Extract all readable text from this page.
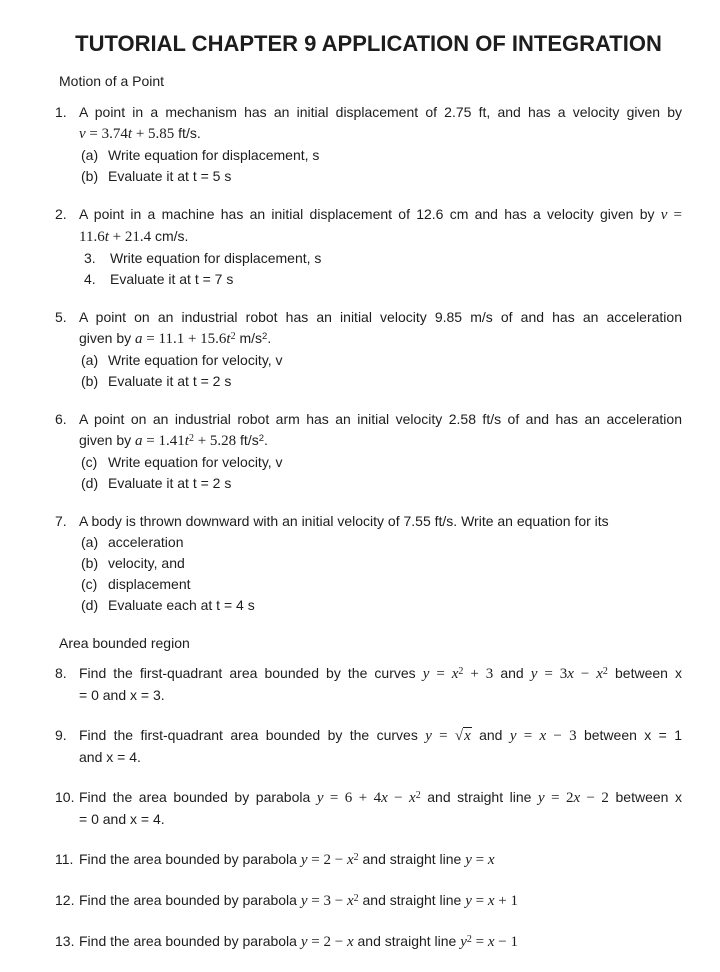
TUTORIAL CHAPTER 9 APPLICATION OF INTEGRATION
Motion of a Point
1. A point in a mechanism has an initial displacement of 2.75 ft, and has a velocity given by
v = 3.74t + 5.85 ft/s.
(a) Write equation for displacement, s
(b) Evaluate it at t = 5 s
2. A point in a machine has an initial displacement of 12.6 cm and has a velocity given by v =
11.6t + 21.4 cm/s.
3. Write equation for displacement, s
4. Evaluate it at t = 7 s
5. A point on an industrial robot has an initial velocity 9.85 m/s of and has an acceleration
given by $a = 11.1 + 15.6t^2$ $m/s^2$.
(a) Write equation for velocity, v
(b) Evaluate it at t = 2 s
6. A point on an industrial robot arm has an initial velocity 2.58 ft/s of and has an acceleration
given by $a = 1.41t^2 + 5.28$ $ft/s^2$.
(c) Write equation for velocity, v
(d) Evaluate it at t = 2 s
7. A body is thrown downward with an initial velocity of 7.55 ft/s. Write an equation for its
(a) acceleration
(b) velocity, and
(c) displacement
(d) Evaluate each at t = 4 s
Area bounded region
8. Find the first-quadrant area bounded by the curves $y = x^2 + 3$ and $y = 3x - x^2$ between x
= 0 and x = 3.
9. Find the first-quadrant area bounded by the curves y = √x and y = x − 3 between x = 1
and x = 4.
10. Find the area bounded by parabola $y = 6 + 4x - x^2$ and straight line y = 2x − 2 between x
= 0 and x = 4.
11. Find the area bounded by parabola $y = 2 - x^2$ and straight line y = x
12. Find the area bounded by parabola $y = 3 - x^2$ and straight line y = x + 1
13. Find the area bounded by parabola y = 2 − x and straight line $y^2 = x - 1$
